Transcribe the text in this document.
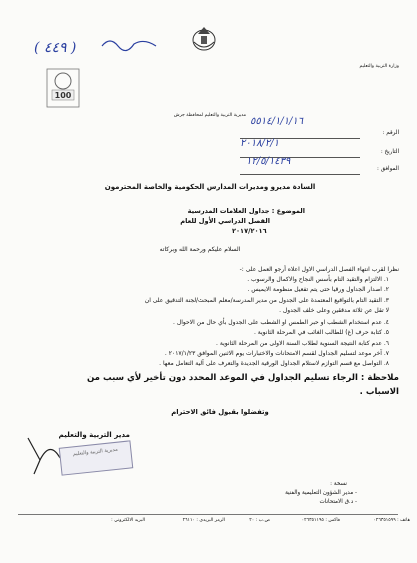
وزارة التربية والتعليم
( ٤٤٩ )
100
مديرية التربية والتعليم لمحافظة جرش
الرقم :
٥٥١٤/١/١/١٦
التاريخ :
٢٠١٨/٢/١
الموافق :
١٢/٥/١٤٣٩
السادة مديرو ومديرات المدارس الحكومية والخاصة المحترمون
الموضوع : جداول العلامات المدرسية
الفصل الدراسي الأول للعام
٢٠١٧/٢٠١٦
السلام عليكم ورحمة الله وبركاته
نظرا لقرب انتهاء الفصل الدراسي الاول اعلاه أرجو العمل على :-
١. الالتزام والتقيد التام بأسس النجاح والاكمال والرسوب .
٢. اصدار الجداول ورقيا حتى يتم تفعيل منظومة الايميس .
٣. التقيد التام بالتواقيع المعتمدة على الجدول من مدير المدرسة/معلم المبحث/لجنة التدقيق على ان
لا تقل عن ثلاثة مدققين وعلى خلف الجدول .
٤. عدم استخدام الشطب او حبر الطمس او الشطب على الجدول بأي حال من الاحوال .
٥. كتابة حرف (غ) للطالب الغائب في المرحلة الثانوية .
٦. عدم كتابة النتيجة السنوية لطلاب السنة الاولى من المرحلة الثانوية .
٧. آخر موعد لتسليم الجداول لقسم الامتحانات والاختبارات يوم الاثنين الموافق ٢٠١٧/١/٢٣ .
٨. التواصل مع قسم التوازم لاستلام الجداول الورقية الجديدة والتعرف على آلية التعامل معها .
ملاحظة : الرجاء تسليم الجداول في الموعد المحدد دون تأخير لأي سبب من
الاسباب .
وتفضلوا بقبول فائق الاحترام
مدير التربية والتعليم
مديرية التربية والتعليم
نسخة :
- مدير الشؤون التعليمية والفنية
- د.ق الامتحانات
هاتف : ٠٢٦٣٥١٥٩٩
فاكس : ٠٢٦٣٥١١٩٥
ص.ب : ٢٠
الرمز البريدي : ٢٦١١٠
البريد الالكتروني :
